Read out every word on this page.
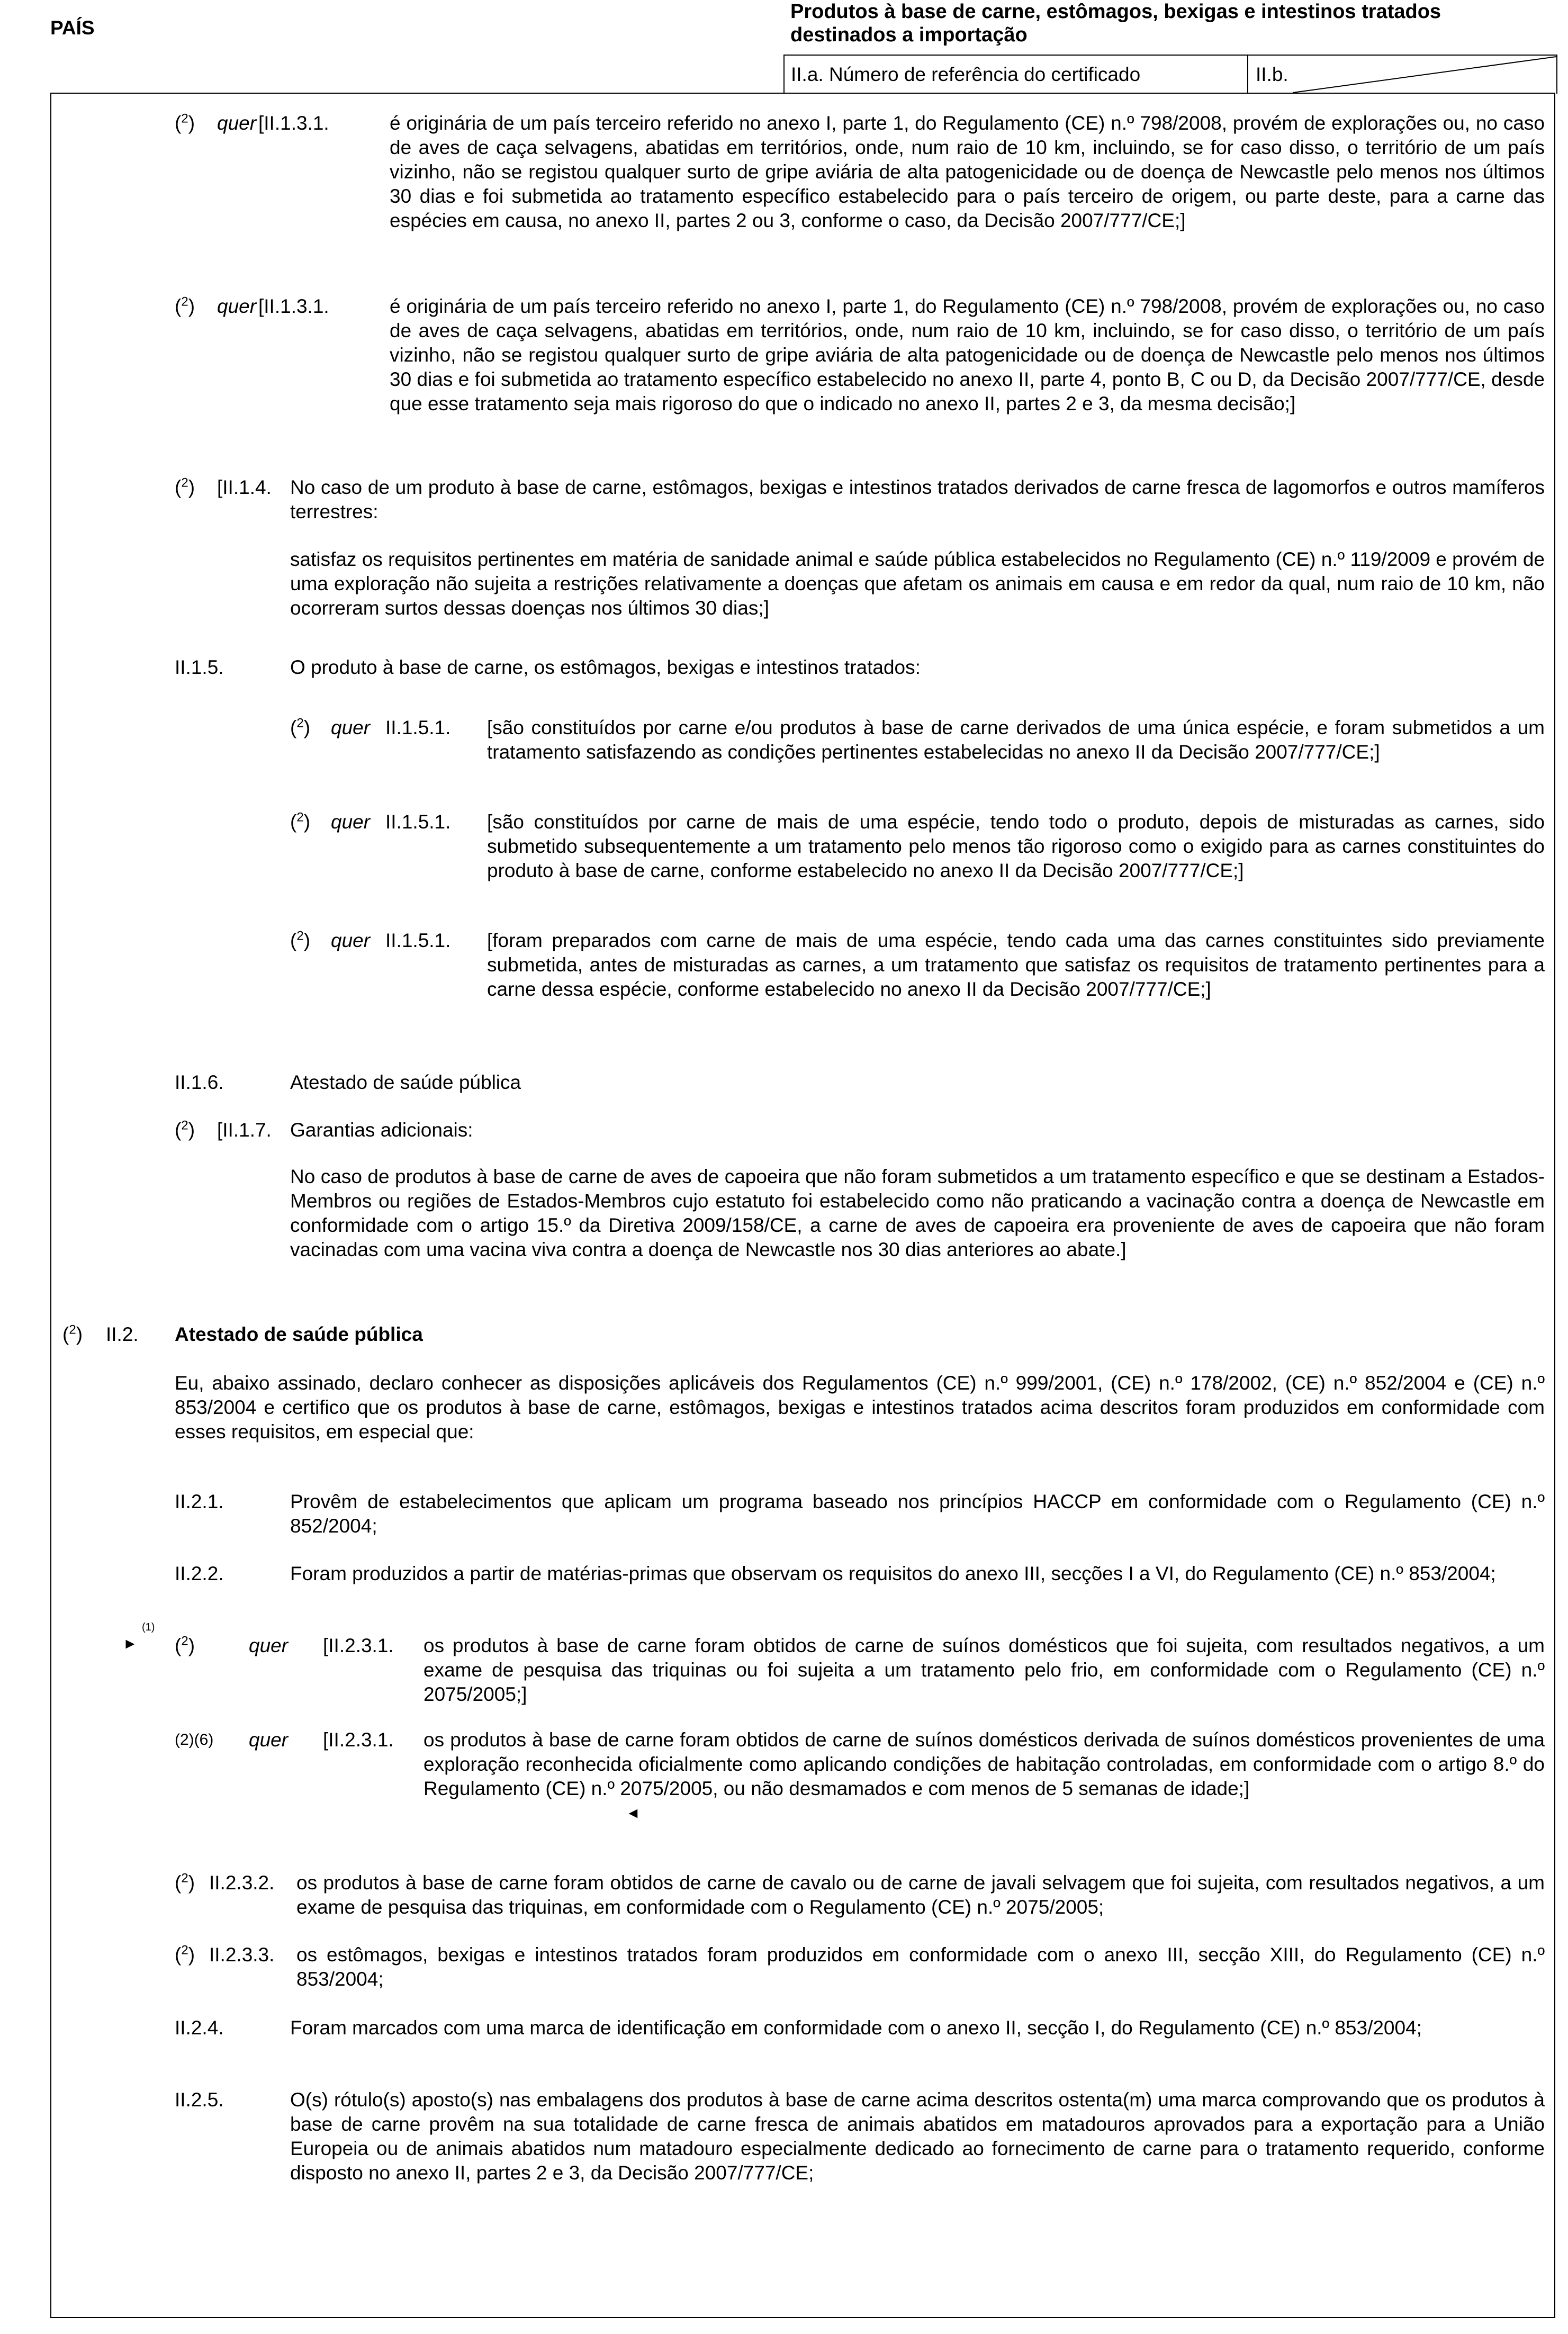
PAÍS
Produtos à base de carne, estômagos, bexigas e intestinos tratados destinados a importação
II.a. Número de referência do certificado	II.b.
($^2$) quer [II.1.3.1.	é originária de um país terceiro referido no anexo I, parte 1, do Regulamento (CE) n.º 798/2008, provém de explorações ou, no caso de aves de caça selvagens, abatidas em territórios, onde, num raio de 10 km, incluindo, se for caso disso, o território de um país vizinho, não se registou qualquer surto de gripe aviária de alta patogenicidade ou de doença de Newcastle pelo menos nos últimos 30 dias e foi submetida ao tratamento específico estabelecido para o país terceiro de origem, ou parte deste, para a carne das espécies em causa, no anexo II, partes 2 ou 3, conforme o caso, da Decisão 2007/777/CE;]
($^2$) quer [II.1.3.1.	é originária de um país terceiro referido no anexo I, parte 1, do Regulamento (CE) n.º 798/2008, provém de explorações ou, no caso de aves de caça selvagens, abatidas em territórios, onde, num raio de 10 km, incluindo, se for caso disso, o território de um país vizinho, não se registou qualquer surto de gripe aviária de alta patogenicidade ou de doença de Newcastle pelo menos nos últimos 30 dias e foi submetida ao tratamento específico estabelecido no anexo II, parte 4, ponto B, C ou D, da Decisão 2007/777/CE, desde que esse tratamento seja mais rigoroso do que o indicado no anexo II, partes 2 e 3, da mesma decisão;]
($^2$) [II.1.4. No caso de um produto à base de carne, estômagos, bexigas e intestinos tratados derivados de carne fresca de lagomorfos e outros mamíferos terrestres:
satisfaz os requisitos pertinentes em matéria de sanidade animal e saúde pública estabelecidos no Regulamento (CE) n.º 119/2009 e provém de uma exploração não sujeita a restrições relativamente a doenças que afetam os animais em causa e em redor da qual, num raio de 10 km, não ocorreram surtos dessas doenças nos últimos 30 dias;]
II.1.5.	O produto à base de carne, os estômagos, bexigas e intestinos tratados:
($^2$) quer II.1.5.1. [são constituídos por carne e/ou produtos à base de carne derivados de uma única espécie, e foram submetidos a um tratamento satisfazendo as condições pertinentes estabelecidas no anexo II da Decisão 2007/777/CE;]
($^2$) quer II.1.5.1. [são constituídos por carne de mais de uma espécie, tendo todo o produto, depois de misturadas as carnes, sido submetido subsequentemente a um tratamento pelo menos tão rigoroso como o exigido para as carnes constituintes do produto à base de carne, conforme estabelecido no anexo II da Decisão 2007/777/CE;]
($^2$) quer II.1.5.1. [foram preparados com carne de mais de uma espécie, tendo cada uma das carnes constituintes sido previamente submetida, antes de misturadas as carnes, a um tratamento que satisfaz os requisitos de tratamento pertinentes para a carne dessa espécie, conforme estabelecido no anexo II da Decisão 2007/777/CE;]
II.1.6.	Atestado de saúde pública
($^2$) [II.1.7. Garantias adicionais:
No caso de produtos à base de carne de aves de capoeira que não foram submetidos a um tratamento específico e que se destinam a Estados-Membros ou regiões de Estados-Membros cujo estatuto foi estabelecido como não praticando a vacinação contra a doença de Newcastle em conformidade com o artigo 15.º da Diretiva 2009/158/CE, a carne de aves de capoeira era proveniente de aves de capoeira que não foram vacinadas com uma vacina viva contra a doença de Newcastle nos 30 dias anteriores ao abate.]
($^2$) II.2. Atestado de saúde pública
Eu, abaixo assinado, declaro conhecer as disposições aplicáveis dos Regulamentos (CE) n.º 999/2001, (CE) n.º 178/2002, (CE) n.º 852/2004 e (CE) n.º 853/2004 e certifico que os produtos à base de carne, estômagos, bexigas e intestinos tratados acima descritos foram produzidos em conformidade com esses requisitos, em especial que:
II.2.1.	Provêm de estabelecimentos que aplicam um programa baseado nos princípios HACCP em conformidade com o Regulamento (CE) n.º 852/2004;
II.2.2.	Foram produzidos a partir de matérias-primas que observam os requisitos do anexo III, secções I a VI, do Regulamento (CE) n.º 853/2004;
►
(1)
($^2$)	quer [II.2.3.1. os produtos à base de carne foram obtidos de carne de suínos domésticos que foi sujeita, com resultados negativos, a um exame de pesquisa das triquinas ou foi sujeita a um tratamento pelo frio, em conformidade com o Regulamento (CE) n.º 2075/2005;]
(2)(6) quer [II.2.3.1. os produtos à base de carne foram obtidos de carne de suínos domésticos derivada de suínos domésticos provenientes de uma exploração reconhecida oficialmente como aplicando condições de habitação controladas, em conformidade com o artigo 8.º do Regulamento (CE) n.º 2075/2005, ou não desmamados e com menos de 5 semanas de idade;]
◄
($^2$) II.2.3.2. os produtos à base de carne foram obtidos de carne de cavalo ou de carne de javali selvagem que foi sujeita, com resultados negativos, a um exame de pesquisa das triquinas, em conformidade com o Regulamento (CE) n.º 2075/2005;
($^2$) II.2.3.3. os estômagos, bexigas e intestinos tratados foram produzidos em conformidade com o anexo III, secção XIII, do Regulamento (CE) n.º 853/2004;
II.2.4.	Foram marcados com uma marca de identificação em conformidade com o anexo II, secção I, do Regulamento (CE) n.º 853/2004;
II.2.5.	O(s) rótulo(s) aposto(s) nas embalagens dos produtos à base de carne acima descritos ostenta(m) uma marca comprovando que os produtos à base de carne provêm na sua totalidade de carne fresca de animais abatidos em matadouros aprovados para a exportação para a União Europeia ou de animais abatidos num matadouro especialmente dedicado ao fornecimento de carne para o tratamento requerido, conforme disposto no anexo II, partes 2 e 3, da Decisão 2007/777/CE;
